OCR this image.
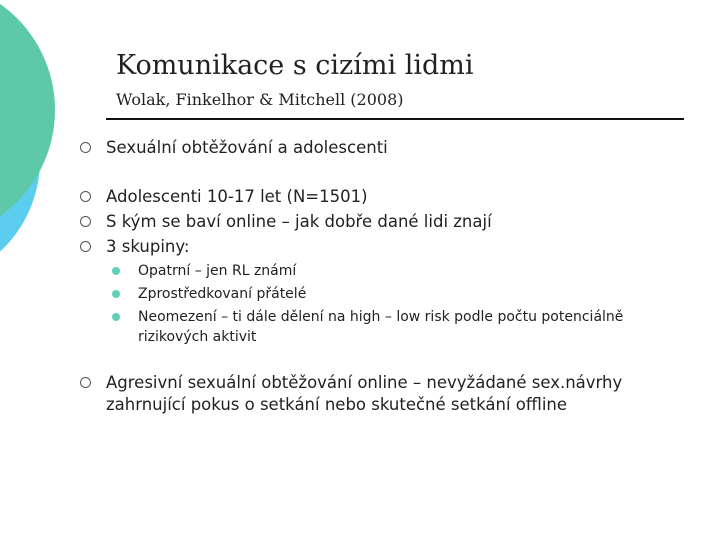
Komunikace s cizími lidmi
Wolak, Finkelhor & Mitchell (2008)
Sexuální obtěžování a adolescenti
Adolescenti 10-17 let (N=1501)
S kým se baví online – jak dobře dané lidi znají
3 skupiny:
Opatrní – jen RL známí
Zprostředkovaní přátelé
Neomezení – ti dále dělení na high – low risk podle počtu potenciálně rizikových aktivit
Agresivní sexuální obtěžování online – nevyžádané sex.návrhy zahrnující pokus o setkání nebo skutečné setkání offline
